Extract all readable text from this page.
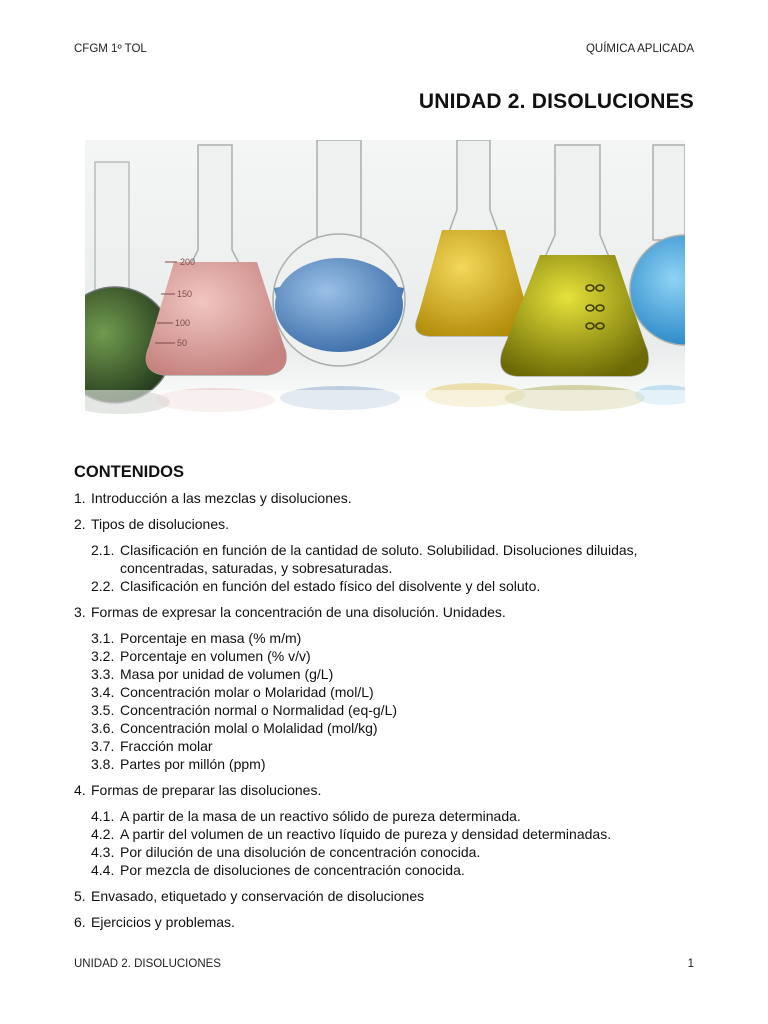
CFGM 1º TOL	QUÍMICA APLICADA
UNIDAD 2. DISOLUCIONES
200
150
100
50
CONTENIDOS
1. Introducción a las mezclas y disoluciones.
2. Tipos de disoluciones.
2.1. Clasificación en función de la cantidad de soluto. Solubilidad. Disoluciones diluidas, concentradas, saturadas, y sobresaturadas.
2.2. Clasificación en función del estado físico del disolvente y del soluto.
3. Formas de expresar la concentración de una disolución. Unidades.
3.1. Porcentaje en masa (% m/m)
3.2. Porcentaje en volumen (% v/v)
3.3. Masa por unidad de volumen (g/L)
3.4. Concentración molar o Molaridad (mol/L)
3.5. Concentración normal o Normalidad (eq-g/L)
3.6. Concentración molal o Molalidad (mol/kg)
3.7. Fracción molar
3.8. Partes por millón (ppm)
4. Formas de preparar las disoluciones.
4.1. A partir de la masa de un reactivo sólido de pureza determinada.
4.2. A partir del volumen de un reactivo líquido de pureza y densidad determinadas.
4.3. Por dilución de una disolución de concentración conocida.
4.4. Por mezcla de disoluciones de concentración conocida.
5. Envasado, etiquetado y conservación de disoluciones
6. Ejercicios y problemas.
UNIDAD 2. DISOLUCIONES	1
